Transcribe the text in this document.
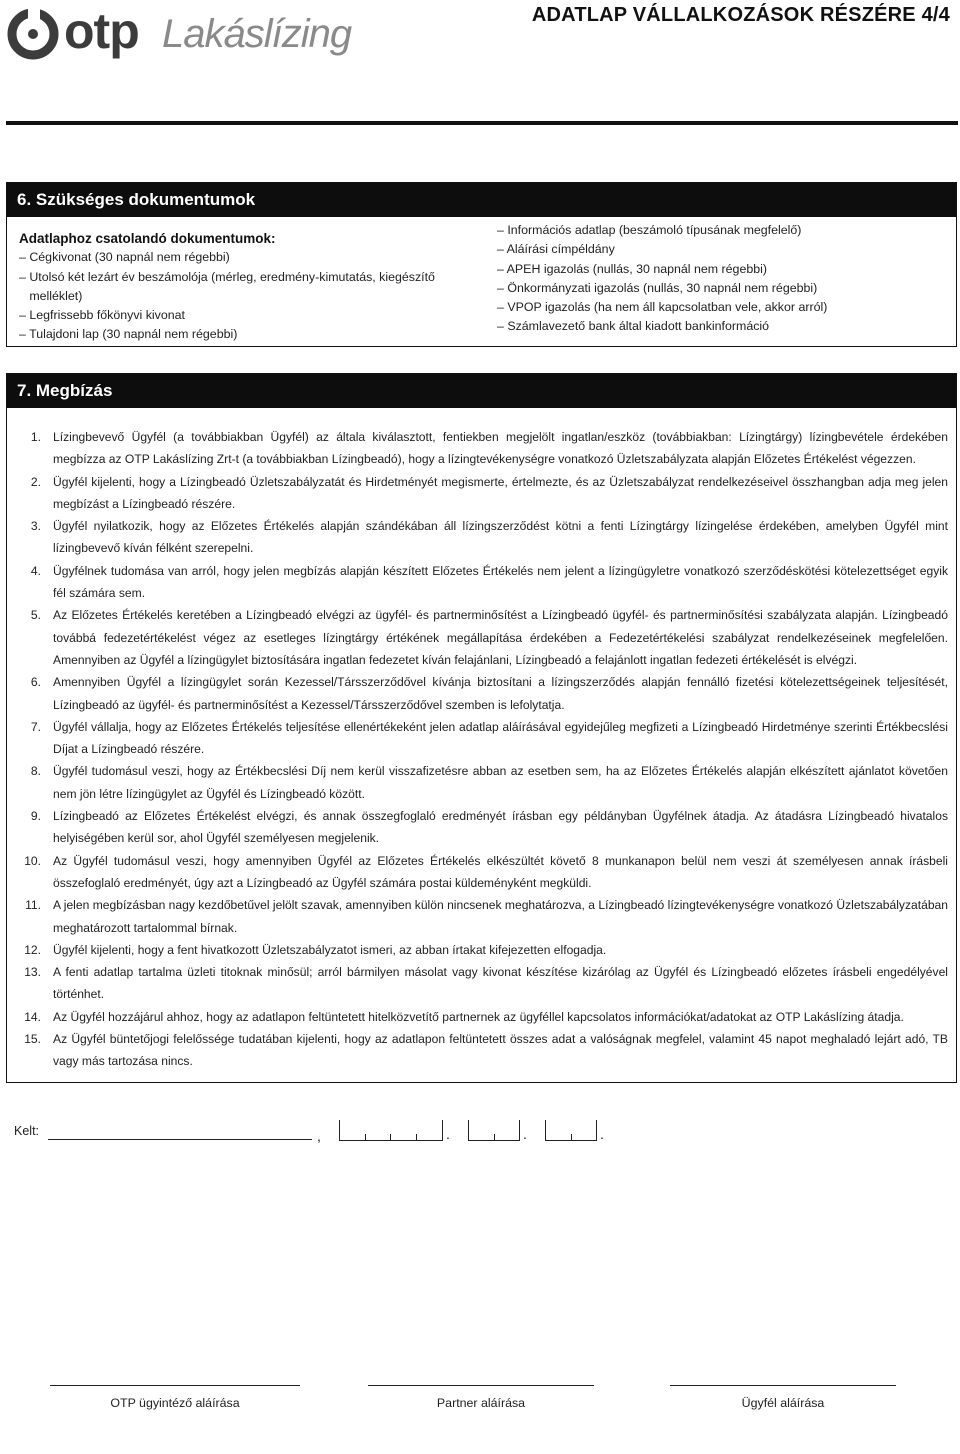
otp Lakáslízing	ADATLAP VÁLLALKOZÁSOK RÉSZÉRE 4/4
6. Szükséges dokumentumok
Adatlaphoz csatolandó dokumentumok:
– Cégkivonat (30 napnál nem régebbi)
– Utolsó két lezárt év beszámolója (mérleg, eredmény-kimutatás, kiegészítő
melléklet)
– Legfrissebb főkönyvi kivonat
– Tulajdoni lap (30 napnál nem régebbi)
– Információs adatlap (beszámoló típusának megfelelő)
– Aláírási címpéldány
– APEH igazolás (nullás, 30 napnál nem régebbi)
– Önkormányzati igazolás (nullás, 30 napnál nem régebbi)
– VPOP igazolás (ha nem áll kapcsolatban vele, akkor arról)
– Számlavezető bank által kiadott bankinformáció
7. Megbízás
1. Lízingbevevő Ügyfél (a továbbiakban Ügyfél) az általa kiválasztott, fentiekben megjelölt ingatlan/eszköz (továbbiakban: Lízingtárgy) lízingbevétele érdekében megbízza az OTP Lakáslízing Zrt-t (a továbbiakban Lízingbeadó), hogy a lízingtevékenységre vonatkozó Üzletszabályzata alapján Előzetes Értékelést végezzen.
2. Ügyfél kijelenti, hogy a Lízingbeadó Üzletszabályzatát és Hirdetményét megismerte, értelmezte, és az Üzletszabályzat rendelkezéseivel összhangban adja meg jelen megbízást a Lízingbeadó részére.
3. Ügyfél nyilatkozik, hogy az Előzetes Értékelés alapján szándékában áll lízingszerződést kötni a fenti Lízingtárgy lízingelése érdekében, amelyben Ügyfél mint lízingbevevő kíván félként szerepelni.
4. Ügyfélnek tudomása van arról, hogy jelen megbízás alapján készített Előzetes Értékelés nem jelent a lízingügyletre vonatkozó szerződéskötési kötelezettséget egyik fél számára sem.
5. Az Előzetes Értékelés keretében a Lízingbeadó elvégzi az ügyfél- és partnerminősítést a Lízingbeadó ügyfél- és partnerminősítési szabályzata alapján. Lízingbeadó továbbá fedezetértékelést végez az esetleges lízingtárgy értékének megállapítása érdekében a Fedezetértékelési szabályzat rendelkezéseinek megfelelően. Amennyiben az Ügyfél a lízingügylet biztosítására ingatlan fedezetet kíván felajánlani, Lízingbeadó a felajánlott ingatlan fedezeti értékelését is elvégzi.
6. Amennyiben Ügyfél a lízingügylet során Kezessel/Társszerződővel kívánja biztosítani a lízingszerződés alapján fennálló fizetési kötelezettségeinek teljesítését, Lízingbeadó az ügyfél- és partnerminősítést a Kezessel/Társszerződővel szemben is lefolytatja.
7. Ügyfél vállalja, hogy az Előzetes Értékelés teljesítése ellenértékeként jelen adatlap aláírásával egyidejűleg megfizeti a Lízingbeadó Hirdetménye szerinti Értékbecslési Díjat a Lízingbeadó részére.
8. Ügyfél tudomásul veszi, hogy az Értékbecslési Díj nem kerül visszafizetésre abban az esetben sem, ha az Előzetes Értékelés alapján elkészített ajánlatot követően nem jön létre lízingügylet az Ügyfél és Lízingbeadó között.
9. Lízingbeadó az Előzetes Értékelést elvégzi, és annak összegfoglaló eredményét írásban egy példányban Ügyfélnek átadja. Az átadásra Lízingbeadó hivatalos helyiségében kerül sor, ahol Ügyfél személyesen megjelenik.
10. Az Ügyfél tudomásul veszi, hogy amennyiben Ügyfél az Előzetes Értékelés elkészültét követő 8 munkanapon belül nem veszi át személyesen annak írásbeli összefoglaló eredményét, úgy azt a Lízingbeadó az Ügyfél számára postai küldeményként megküldi.
11. A jelen megbízásban nagy kezdőbetűvel jelölt szavak, amennyiben külön nincsenek meghatározva, a Lízingbeadó lízingtevékenységre vonatkozó Üzletszabályzatában meghatározott tartalommal bírnak.
12. Ügyfél kijelenti, hogy a fent hivatkozott Üzletszabályzatot ismeri, az abban írtakat kifejezetten elfogadja.
13. A fenti adatlap tartalma üzleti titoknak minősül; arról bármilyen másolat vagy kivonat készítése kizárólag az Ügyfél és Lízingbeadó előzetes írásbeli engedélyével történhet.
14. Az Ügyfél hozzájárul ahhoz, hogy az adatlapon feltüntetett hitelközvetítő partnernek az ügyféllel kapcsolatos információkat/adatokat az OTP Lakáslízing átadja.
15. Az Ügyfél büntetőjogi felelőssége tudatában kijelenti, hogy az adatlapon feltüntetett összes adat a valóságnak megfelel, valamint 45 napot meghaladó lejárt adó, TB vagy más tartozása nincs.
Kelt:	,	.	.	.
OTP ügyintéző aláírása	Partner aláírása	Ügyfél aláírása
